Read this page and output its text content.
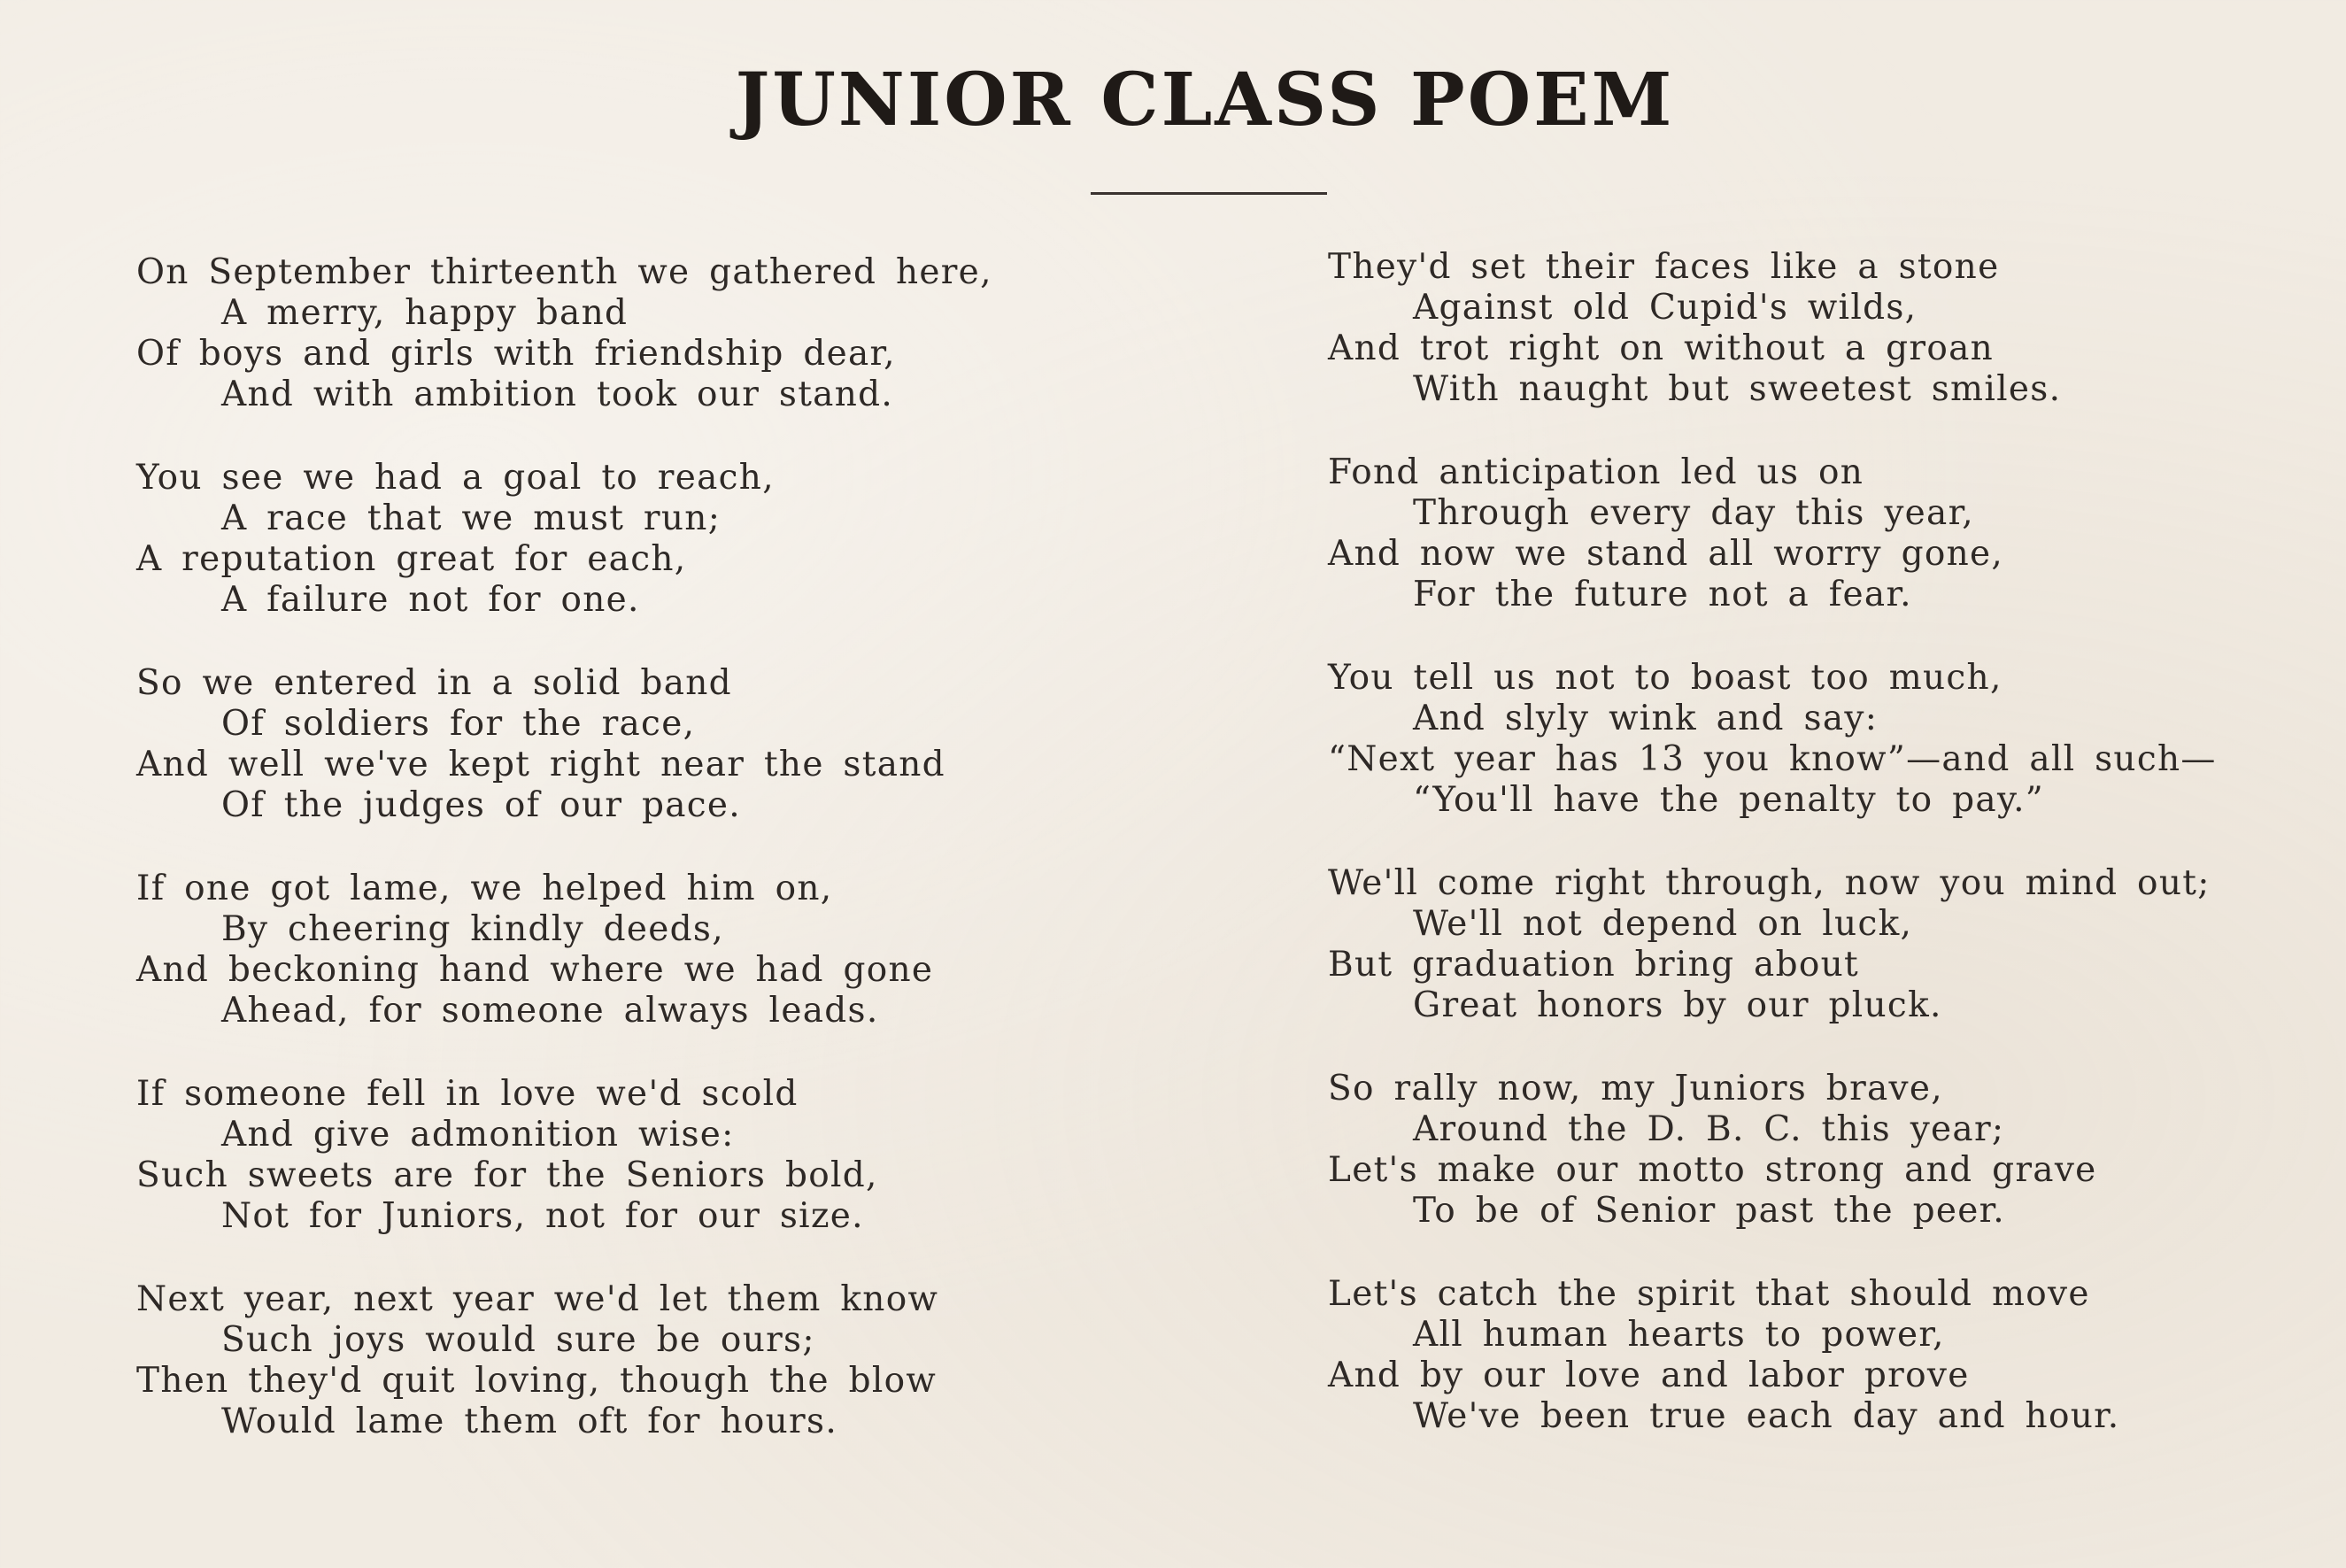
JUNIOR CLASS POEM
On September thirteenth we gathered here,
A merry, happy band
Of boys and girls with friendship dear,
And with ambition took our stand.
You see we had a goal to reach,
A race that we must run;
A reputation great for each,
A failure not for one.
So we entered in a solid band
Of soldiers for the race,
And well we've kept right near the stand
Of the judges of our pace.
If one got lame, we helped him on,
By cheering kindly deeds,
And beckoning hand where we had gone
Ahead, for someone always leads.
If someone fell in love we'd scold
And give admonition wise:
Such sweets are for the Seniors bold,
Not for Juniors, not for our size.
Next year, next year we'd let them know
Such joys would sure be ours;
Then they'd quit loving, though the blow
Would lame them oft for hours.
They'd set their faces like a stone
Against old Cupid's wilds,
And trot right on without a groan
With naught but sweetest smiles.
Fond anticipation led us on
Through every day this year,
And now we stand all worry gone,
For the future not a fear.
You tell us not to boast too much,
And slyly wink and say:
“Next year has 13 you know”—and all such—
“You'll have the penalty to pay.”
We'll come right through, now you mind out;
We'll not depend on luck,
But graduation bring about
Great honors by our pluck.
So rally now, my Juniors brave,
Around the D. B. C. this year;
Let's make our motto strong and grave
To be of Senior past the peer.
Let's catch the spirit that should move
All human hearts to power,
And by our love and labor prove
We've been true each day and hour.
